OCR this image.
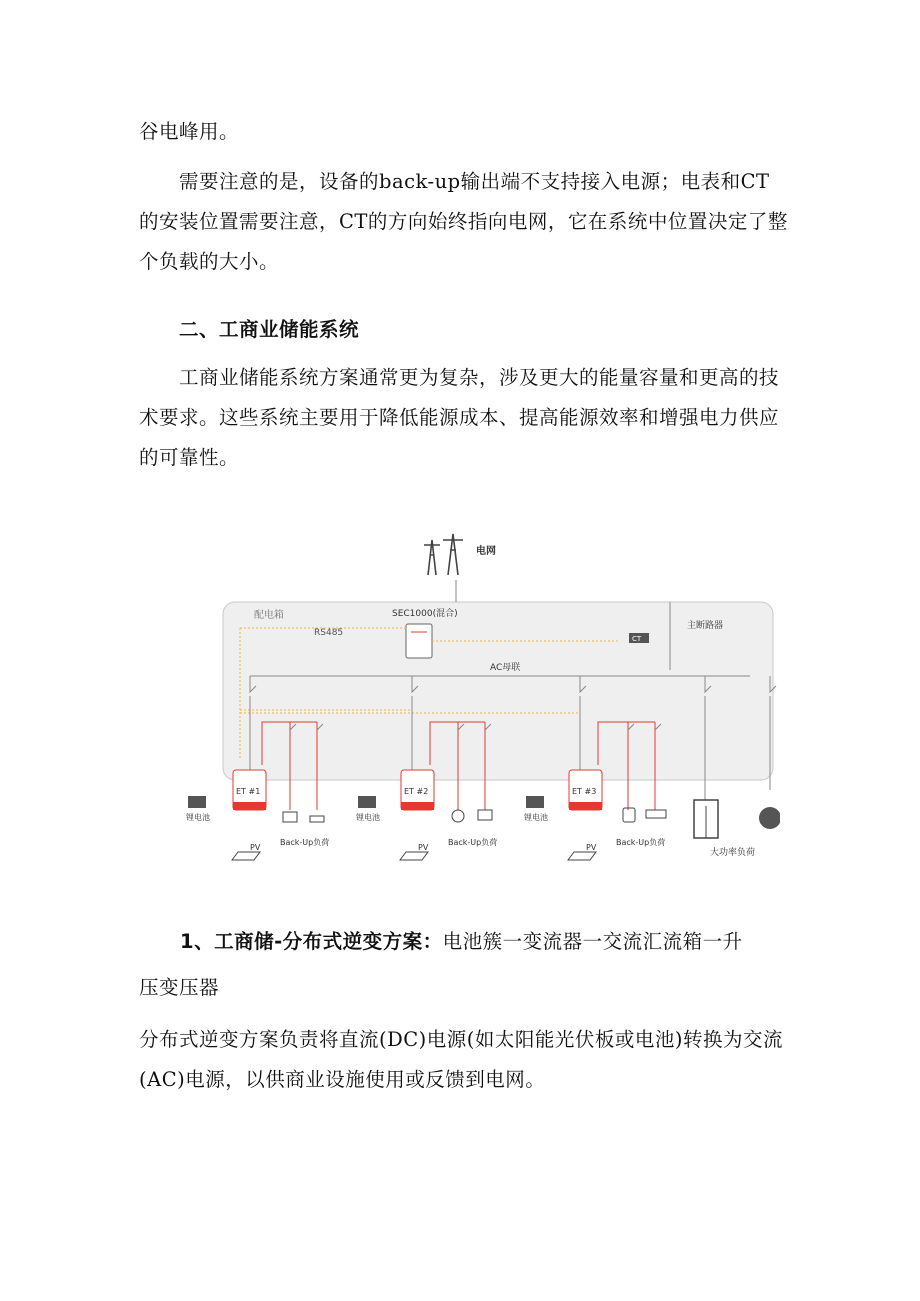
谷电峰用。
需要注意的是，设备的back-up输出端不支持接入电源；电表和CT的安装位置需要注意，CT的方向始终指向电网，它在系统中位置决定了整个负载的大小。
二、工商业储能系统
工商业储能系统方案通常更为复杂，涉及更大的能量容量和更高的技术要求。这些系统主要用于降低能源成本、提高能源效率和增强电力供应的可靠性。
电网
配电箱	SEC1000(混合)
RS485
CT
主断路器
AC母联
ET #1
锂电池
PV
Back-Up负荷
ET #2
锂电池
PV
Back-Up负荷
ET #3
锂电池
PV
Back-Up负荷
大功率负荷
1、工商储-分布式逆变方案：电池簇一变流器一交流汇流箱一升
压变压器
分布式逆变方案负责将直流(DC)电源(如太阳能光伏板或电池)转换为交流(AC)电源，以供商业设施使用或反馈到电网。
